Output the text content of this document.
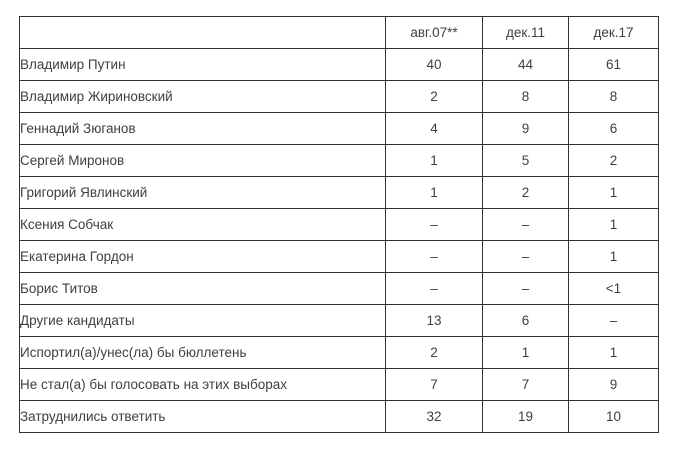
	авг.07**	дек.11	дек.17
Владимир Путин	40	44	61
Владимир Жириновский	2	8	8
Геннадий Зюганов	4	9	6
Сергей Миронов	1	5	2
Григорий Явлинский	1	2	1
Ксения Собчак	–	–	1
Екатерина Гордон	–	–	1
Борис Титов	–	–	<1
Другие кандидаты	13	6	–
Испортил(а)/унес(ла) бы бюллетень	2	1	1
Не стал(а) бы голосовать на этих выборах	7	7	9
Затруднились ответить	32	19	10
